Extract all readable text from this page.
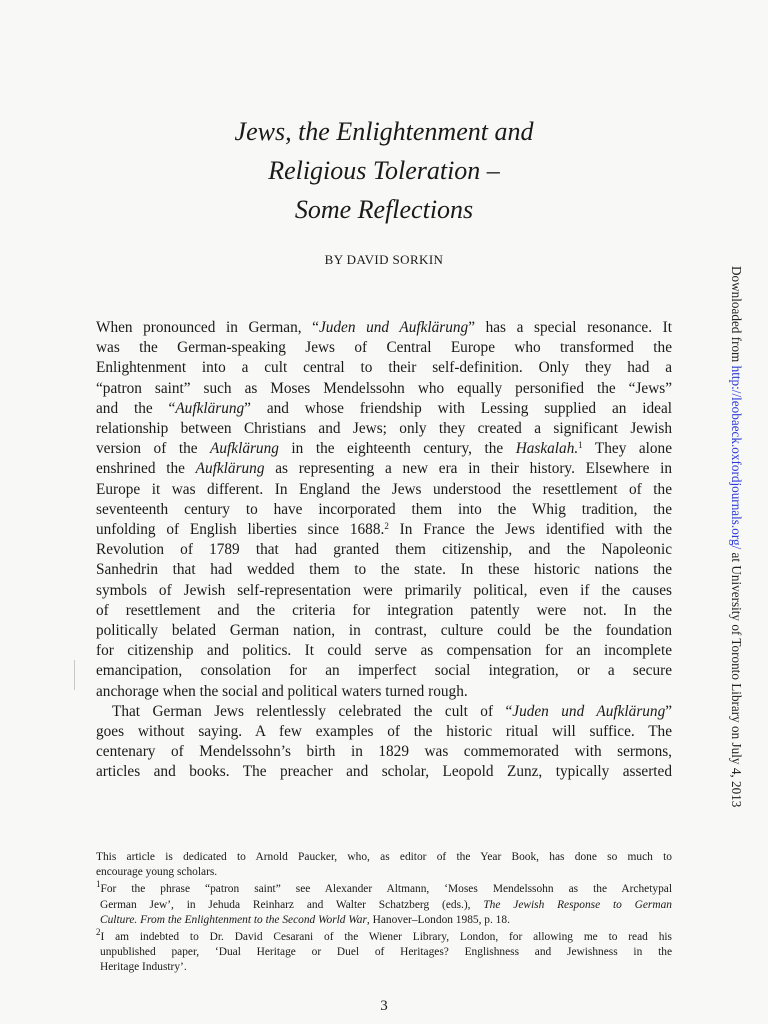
Jews, the Enlightenment and
Religious Toleration –
Some Reflections
BY DAVID SORKIN
When pronounced in German, “Juden und Aufklärung” has a special resonance. It
was the German-speaking Jews of Central Europe who transformed the
Enlightenment into a cult central to their self-definition. Only they had a
“patron saint” such as Moses Mendelssohn who equally personified the “Jews”
and the “Aufklärung” and whose friendship with Lessing supplied an ideal
relationship between Christians and Jews; only they created a significant Jewish
version of the Aufklärung in the eighteenth century, the Haskalah.$^1$ They alone
enshrined the Aufklärung as representing a new era in their history. Elsewhere in
Europe it was different. In England the Jews understood the resettlement of the
seventeenth century to have incorporated them into the Whig tradition, the
unfolding of English liberties since 1688.$^2$ In France the Jews identified with the
Revolution of 1789 that had granted them citizenship, and the Napoleonic
Sanhedrin that had wedded them to the state. In these historic nations the
symbols of Jewish self-representation were primarily political, even if the causes
of resettlement and the criteria for integration patently were not. In the
politically belated German nation, in contrast, culture could be the foundation
for citizenship and politics. It could serve as compensation for an incomplete
emancipation, consolation for an imperfect social integration, or a secure
anchorage when the social and political waters turned rough.
That German Jews relentlessly celebrated the cult of “Juden und Aufklärung”
goes without saying. A few examples of the historic ritual will suffice. The
centenary of Mendelssohn’s birth in 1829 was commemorated with sermons,
articles and books. The preacher and scholar, Leopold Zunz, typically asserted
This article is dedicated to Arnold Paucker, who, as editor of the Year Book, has done so much to
encourage young scholars.
$^1$For the phrase “patron saint” see Alexander Altmann, ‘Moses Mendelssohn as the Archetypal
German Jew’, in Jehuda Reinharz and Walter Schatzberg (eds.), The Jewish Response to German
Culture. From the Enlightenment to the Second World War, Hanover–London 1985, p. 18.
$^2$I am indebted to Dr. David Cesarani of the Wiener Library, London, for allowing me to read his
unpublished paper, ‘Dual Heritage or Duel of Heritages? Englishness and Jewishness in the
Heritage Industry’.
3
Downloaded from http://leobaeck.oxfordjournals.org/ at University of Toronto Library on July 4, 2013
